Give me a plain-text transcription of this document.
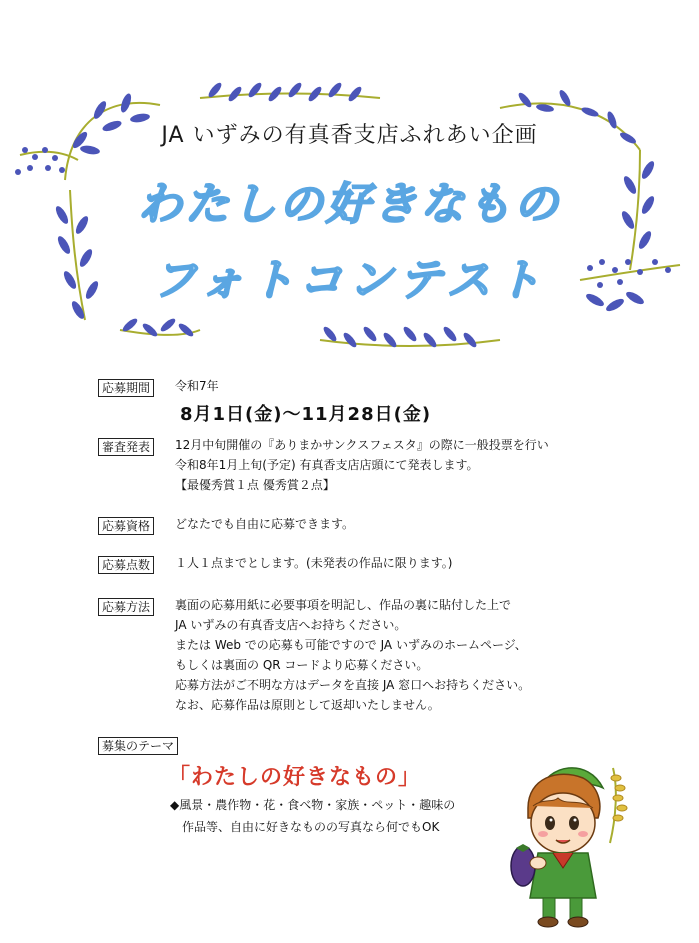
JA いずみの有真香支店ふれあい企画
わたしの好きなもの
フォトコンテスト
応募期間	令和7年
8月1日(金)～11月28日(金)
審査発表	12月中旬開催の『ありまかサンクスフェスタ』の際に一般投票を行い
令和8年1月上旬(予定) 有真香支店店頭にて発表します。
【最優秀賞１点 優秀賞２点】
応募資格	どなたでも自由に応募できます。
応募点数	１人１点までとします。(未発表の作品に限ります。)
応募方法	裏面の応募用紙に必要事項を明記し、作品の裏に貼付した上で
JA いずみの有真香支店へお持ちください。
または Web での応募も可能ですので JA いずみのホームページ、
もしくは裏面の QR コードより応募ください。
応募方法がご不明な方はデータを直接 JA 窓口へお持ちください。
なお、応募作品は原則として返却いたしません。
募集のテーマ
「わたしの好きなもの」
◆風景・農作物・花・食べ物・家族・ペット・趣味の
　作品等、自由に好きなものの写真なら何でもOK
